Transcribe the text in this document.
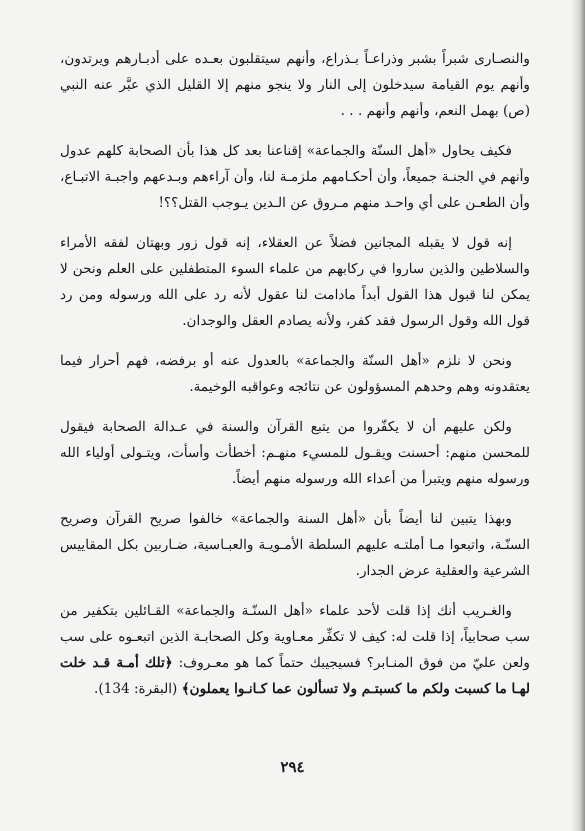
والنصـارى شبراً بشبر وذراعـاً بـذراع، وأنهم سيتقلبون بعـده على أدبـارهم ويرتدون، وأنهم يوم القيامة سيدخلون إلى النار ولا ينجو منهم إلا القليل الذي عبَّر عنه النبي (ص) بهمل النعم، وأنهم وأنهم . . .

فكيف يحاول «أهل السنّة والجماعة» إقناعنا بعد كل هذا بأن الصحابة كلهم عدول وأنهم في الجنـة جميعاً، وأن أحكـامهم ملزمـة لنا، وأن آراءهم وبـدعهم واجبـة الاتبـاع، وأن الطعـن على أي واحـد منهم مـروق عن الـدين يـوجب القتل؟؟!

إنه قول لا يقبله المجانين فضلاً عن العقلاء، إنه قول زور وبهتان لفقه الأمراء والسلاطين والذين ساروا في ركابهم من علماء السوء المتطفلين على العلم ونحن لا يمكن لنا قبول هذا القول أبداً مادامت لنا عقول لأنه رد على الله ورسوله ومن رد قول الله وقول الرسول فقد كفر، ولأنه يصادم العقل والوجدان.

ونحن لا نلزم «أهل السنّة والجماعة» بالعدول عنه أو برفضه، فهم أحرار فيما يعتقدونه وهم وحدهم المسؤولون عن نتائجه وعواقبه الوخيمة.

ولكن عليهم أن لا يكفّروا من يتبع القرآن والسنة في عـدالة الصحابة فيقول للمحسن منهم: أحسنت ويقـول للمسيء منهـم: أخطأت وأسأت، ويتـولى أولياء الله ورسوله منهم ويتبرأ من أعداء الله ورسوله منهم أيضاً.

وبهذا يتبين لنا أيضاً بأن «أهل السنة والجماعة» خالفوا صريح القرآن وصريح السنّـة، واتبعوا مـا أملتـه عليهم السلطة الأمـويـة والعبـاسية، ضـاربين بكل المقاييس الشرعية والعقلية عرض الجدار.

والغـريب أنك إذا قلت لأحد علماء «أهل السنّـة والجماعة» القـائلين بتكفير من سب صحابياً، إذا قلت له: كيف لا تكفِّر معـاوية وكل الصحابـة الذين اتبعـوه على سب ولعن عليّ من فوق المنـابر؟ فسيجيبك حتماً كما هو معـروف: ﴿تلك أمـة قـد خلت لهـا ما كسبت ولكم ما كسبتـم ولا تسألون عما كـانـوا يعملون﴾ (البقرة: 134).

٢٩٤
